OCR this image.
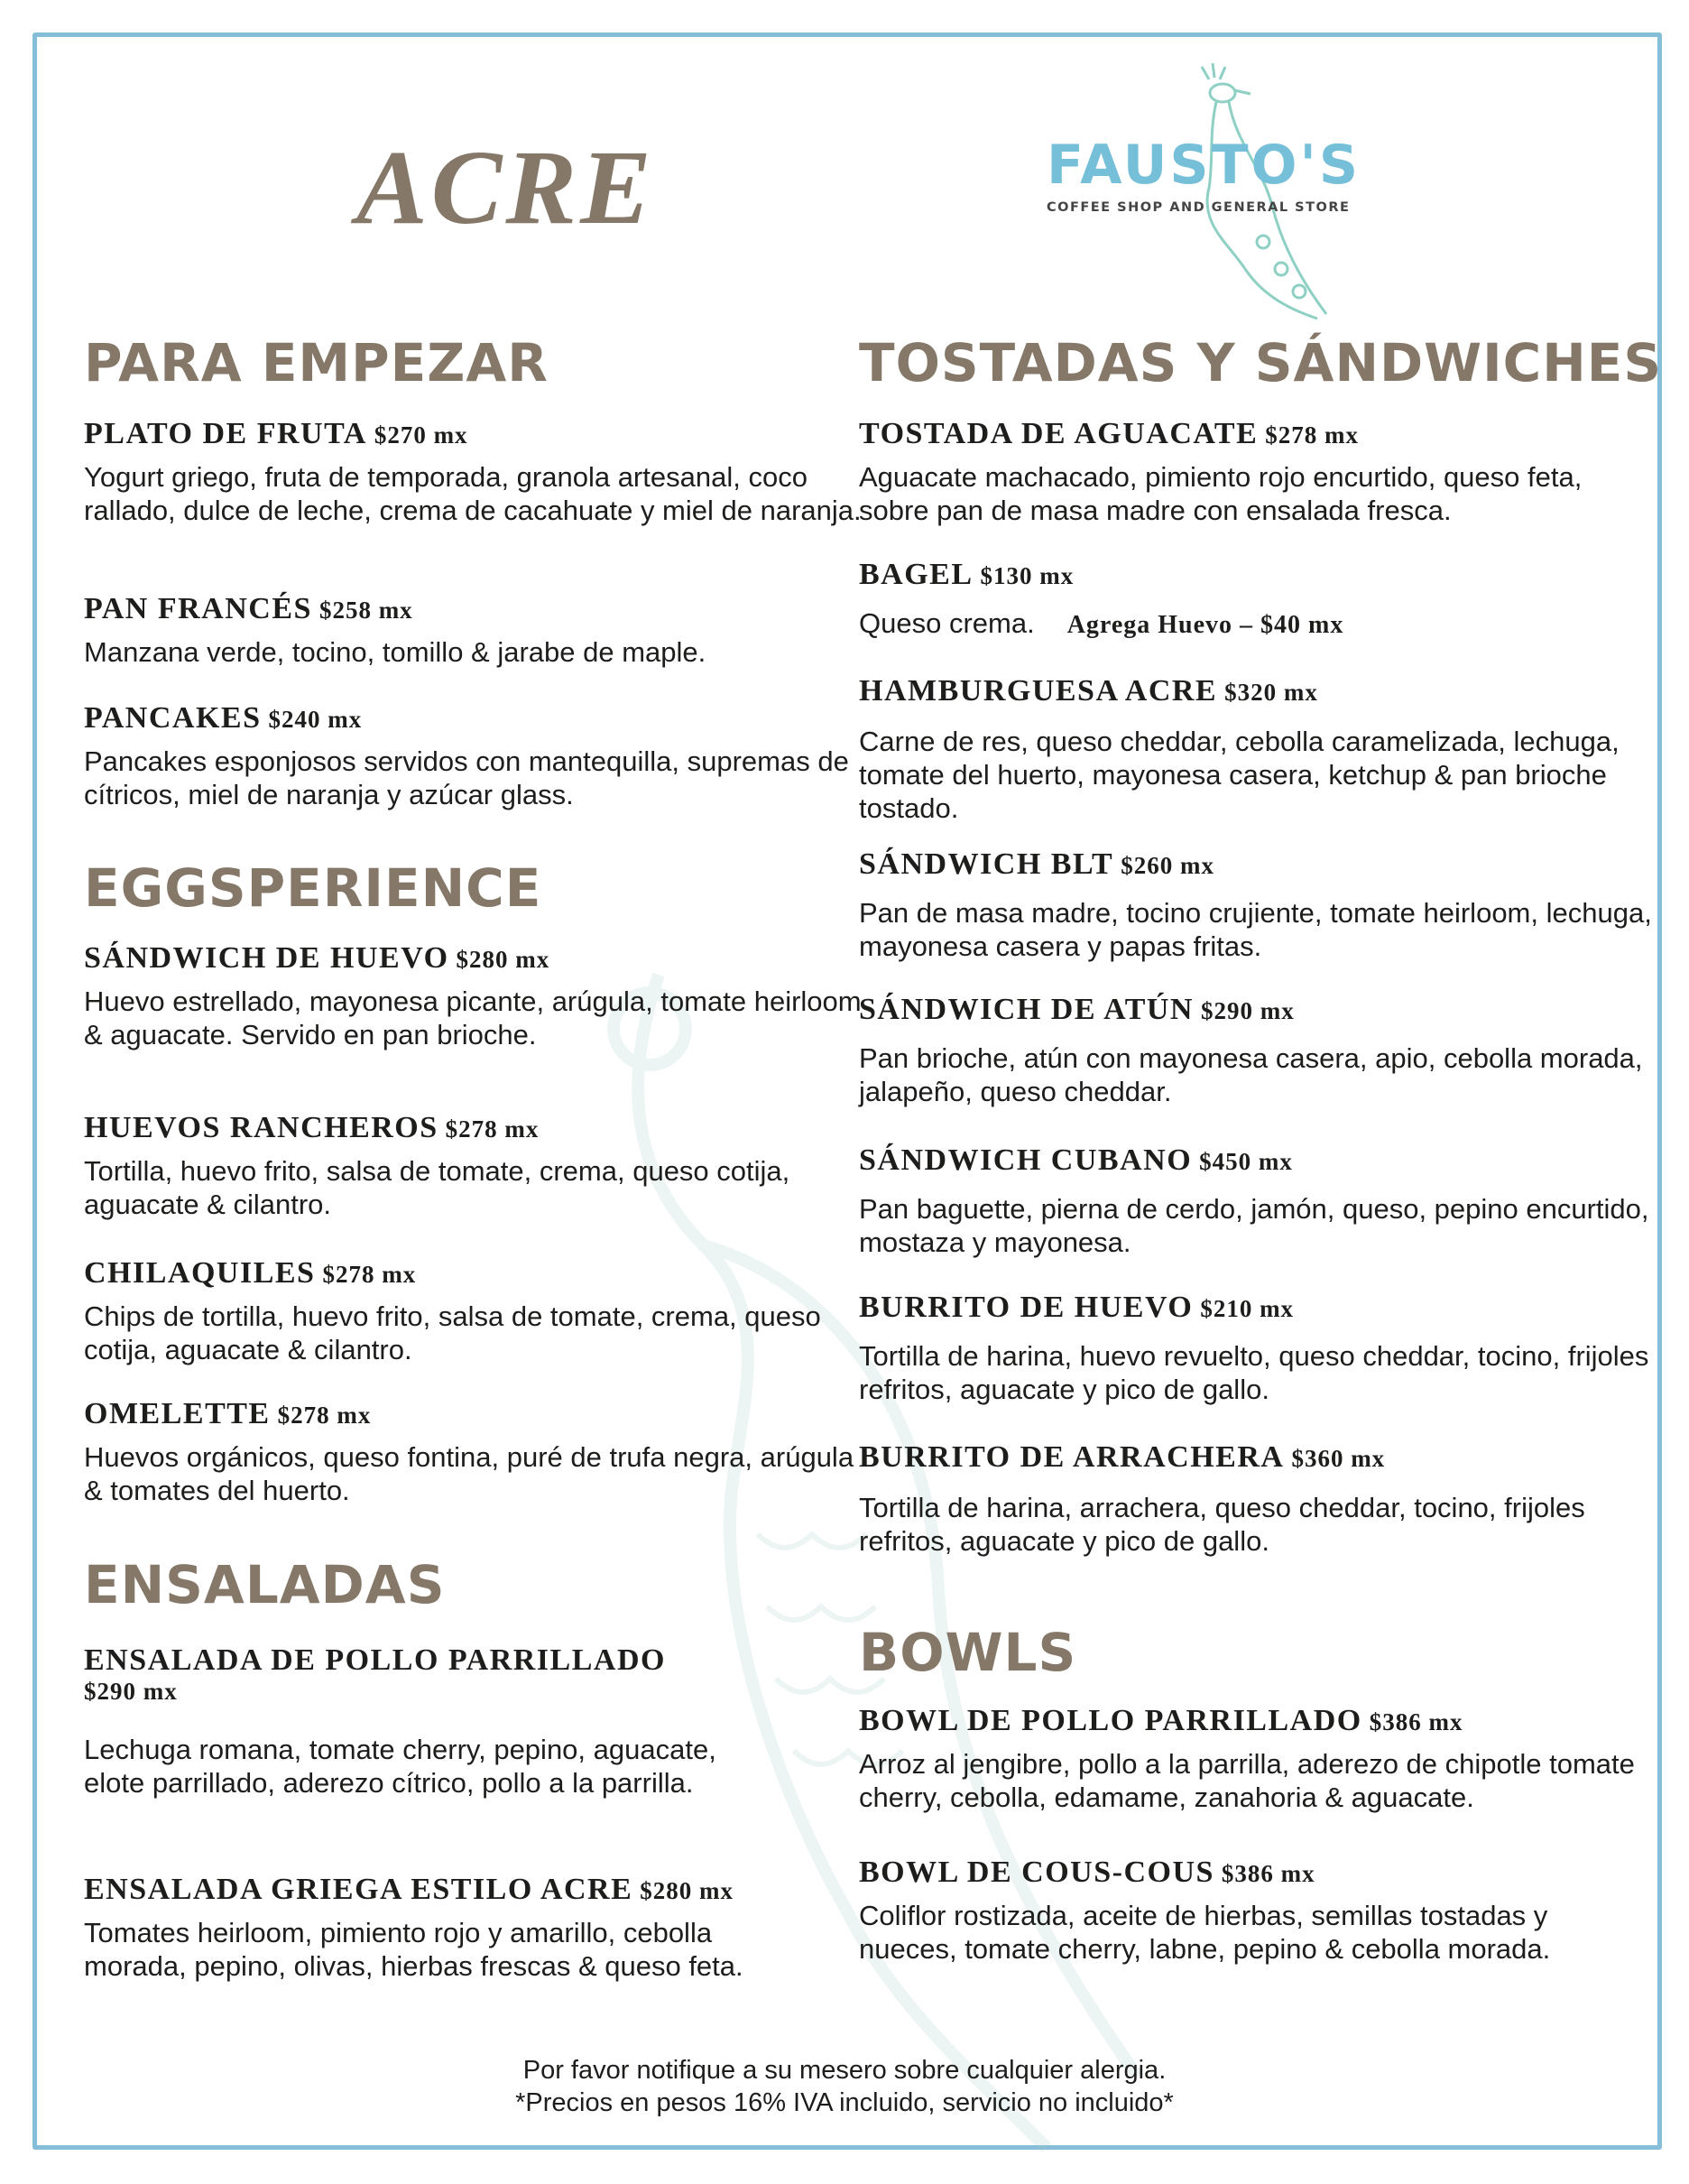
ACRE	FAUSTO'S
COFFEE SHOP AND GENERAL STORE
PARA EMPEZAR
PLATO DE FRUTA $270 mx
Yogurt griego, fruta de temporada, granola artesanal, coco rallado, dulce de leche, crema de cacahuate y miel de naranja.
PAN FRANCÉS $258 mx
Manzana verde, tocino, tomillo & jarabe de maple.
PANCAKES $240 mx
Pancakes esponjosos servidos con mantequilla, supremas de cítricos, miel de naranja y azúcar glass.
EGGSPERIENCE
SÁNDWICH DE HUEVO $280 mx
Huevo estrellado, mayonesa picante, arúgula, tomate heirloom & aguacate. Servido en pan brioche.
HUEVOS RANCHEROS $278 mx
Tortilla, huevo frito, salsa de tomate, crema, queso cotija, aguacate & cilantro.
CHILAQUILES $278 mx
Chips de tortilla, huevo frito, salsa de tomate, crema, queso cotija, aguacate & cilantro.
OMELETTE $278 mx
Huevos orgánicos, queso fontina, puré de trufa negra, arúgula & tomates del huerto.
ENSALADAS
ENSALADA DE POLLO PARRILLADO
$290 mx
Lechuga romana, tomate cherry, pepino, aguacate, elote parrillado, aderezo cítrico, pollo a la parrilla.
ENSALADA GRIEGA ESTILO ACRE $280 mx
Tomates heirloom, pimiento rojo y amarillo, cebolla morada, pepino, olivas, hierbas frescas & queso feta.
TOSTADAS Y SÁNDWICHES
TOSTADA DE AGUACATE $278 mx
Aguacate machacado, pimiento rojo encurtido, queso feta, sobre pan de masa madre con ensalada fresca.
BAGEL $130 mx
Queso crema. Agrega Huevo – $40 mx
HAMBURGUESA ACRE $320 mx
Carne de res, queso cheddar, cebolla caramelizada, lechuga, tomate del huerto, mayonesa casera, ketchup & pan brioche tostado.
SÁNDWICH BLT $260 mx
Pan de masa madre, tocino crujiente, tomate heirloom, lechuga, mayonesa casera y papas fritas.
SÁNDWICH DE ATÚN $290 mx
Pan brioche, atún con mayonesa casera, apio, cebolla morada, jalapeño, queso cheddar.
SÁNDWICH CUBANO $450 mx
Pan baguette, pierna de cerdo, jamón, queso, pepino encurtido, mostaza y mayonesa.
BURRITO DE HUEVO $210 mx
Tortilla de harina, huevo revuelto, queso cheddar, tocino, frijoles refritos, aguacate y pico de gallo.
BURRITO DE ARRACHERA $360 mx
Tortilla de harina, arrachera, queso cheddar, tocino, frijoles refritos, aguacate y pico de gallo.
BOWLS
BOWL DE POLLO PARRILLADO $386 mx
Arroz al jengibre, pollo a la parrilla, aderezo de chipotle tomate cherry, cebolla, edamame, zanahoria & aguacate.
BOWL DE COUS-COUS $386 mx
Coliflor rostizada, aceite de hierbas, semillas tostadas y nueces, tomate cherry, labne, pepino & cebolla morada.
Por favor notifique a su mesero sobre cualquier alergia.
*Precios en pesos 16% IVA incluido, servicio no incluido*
